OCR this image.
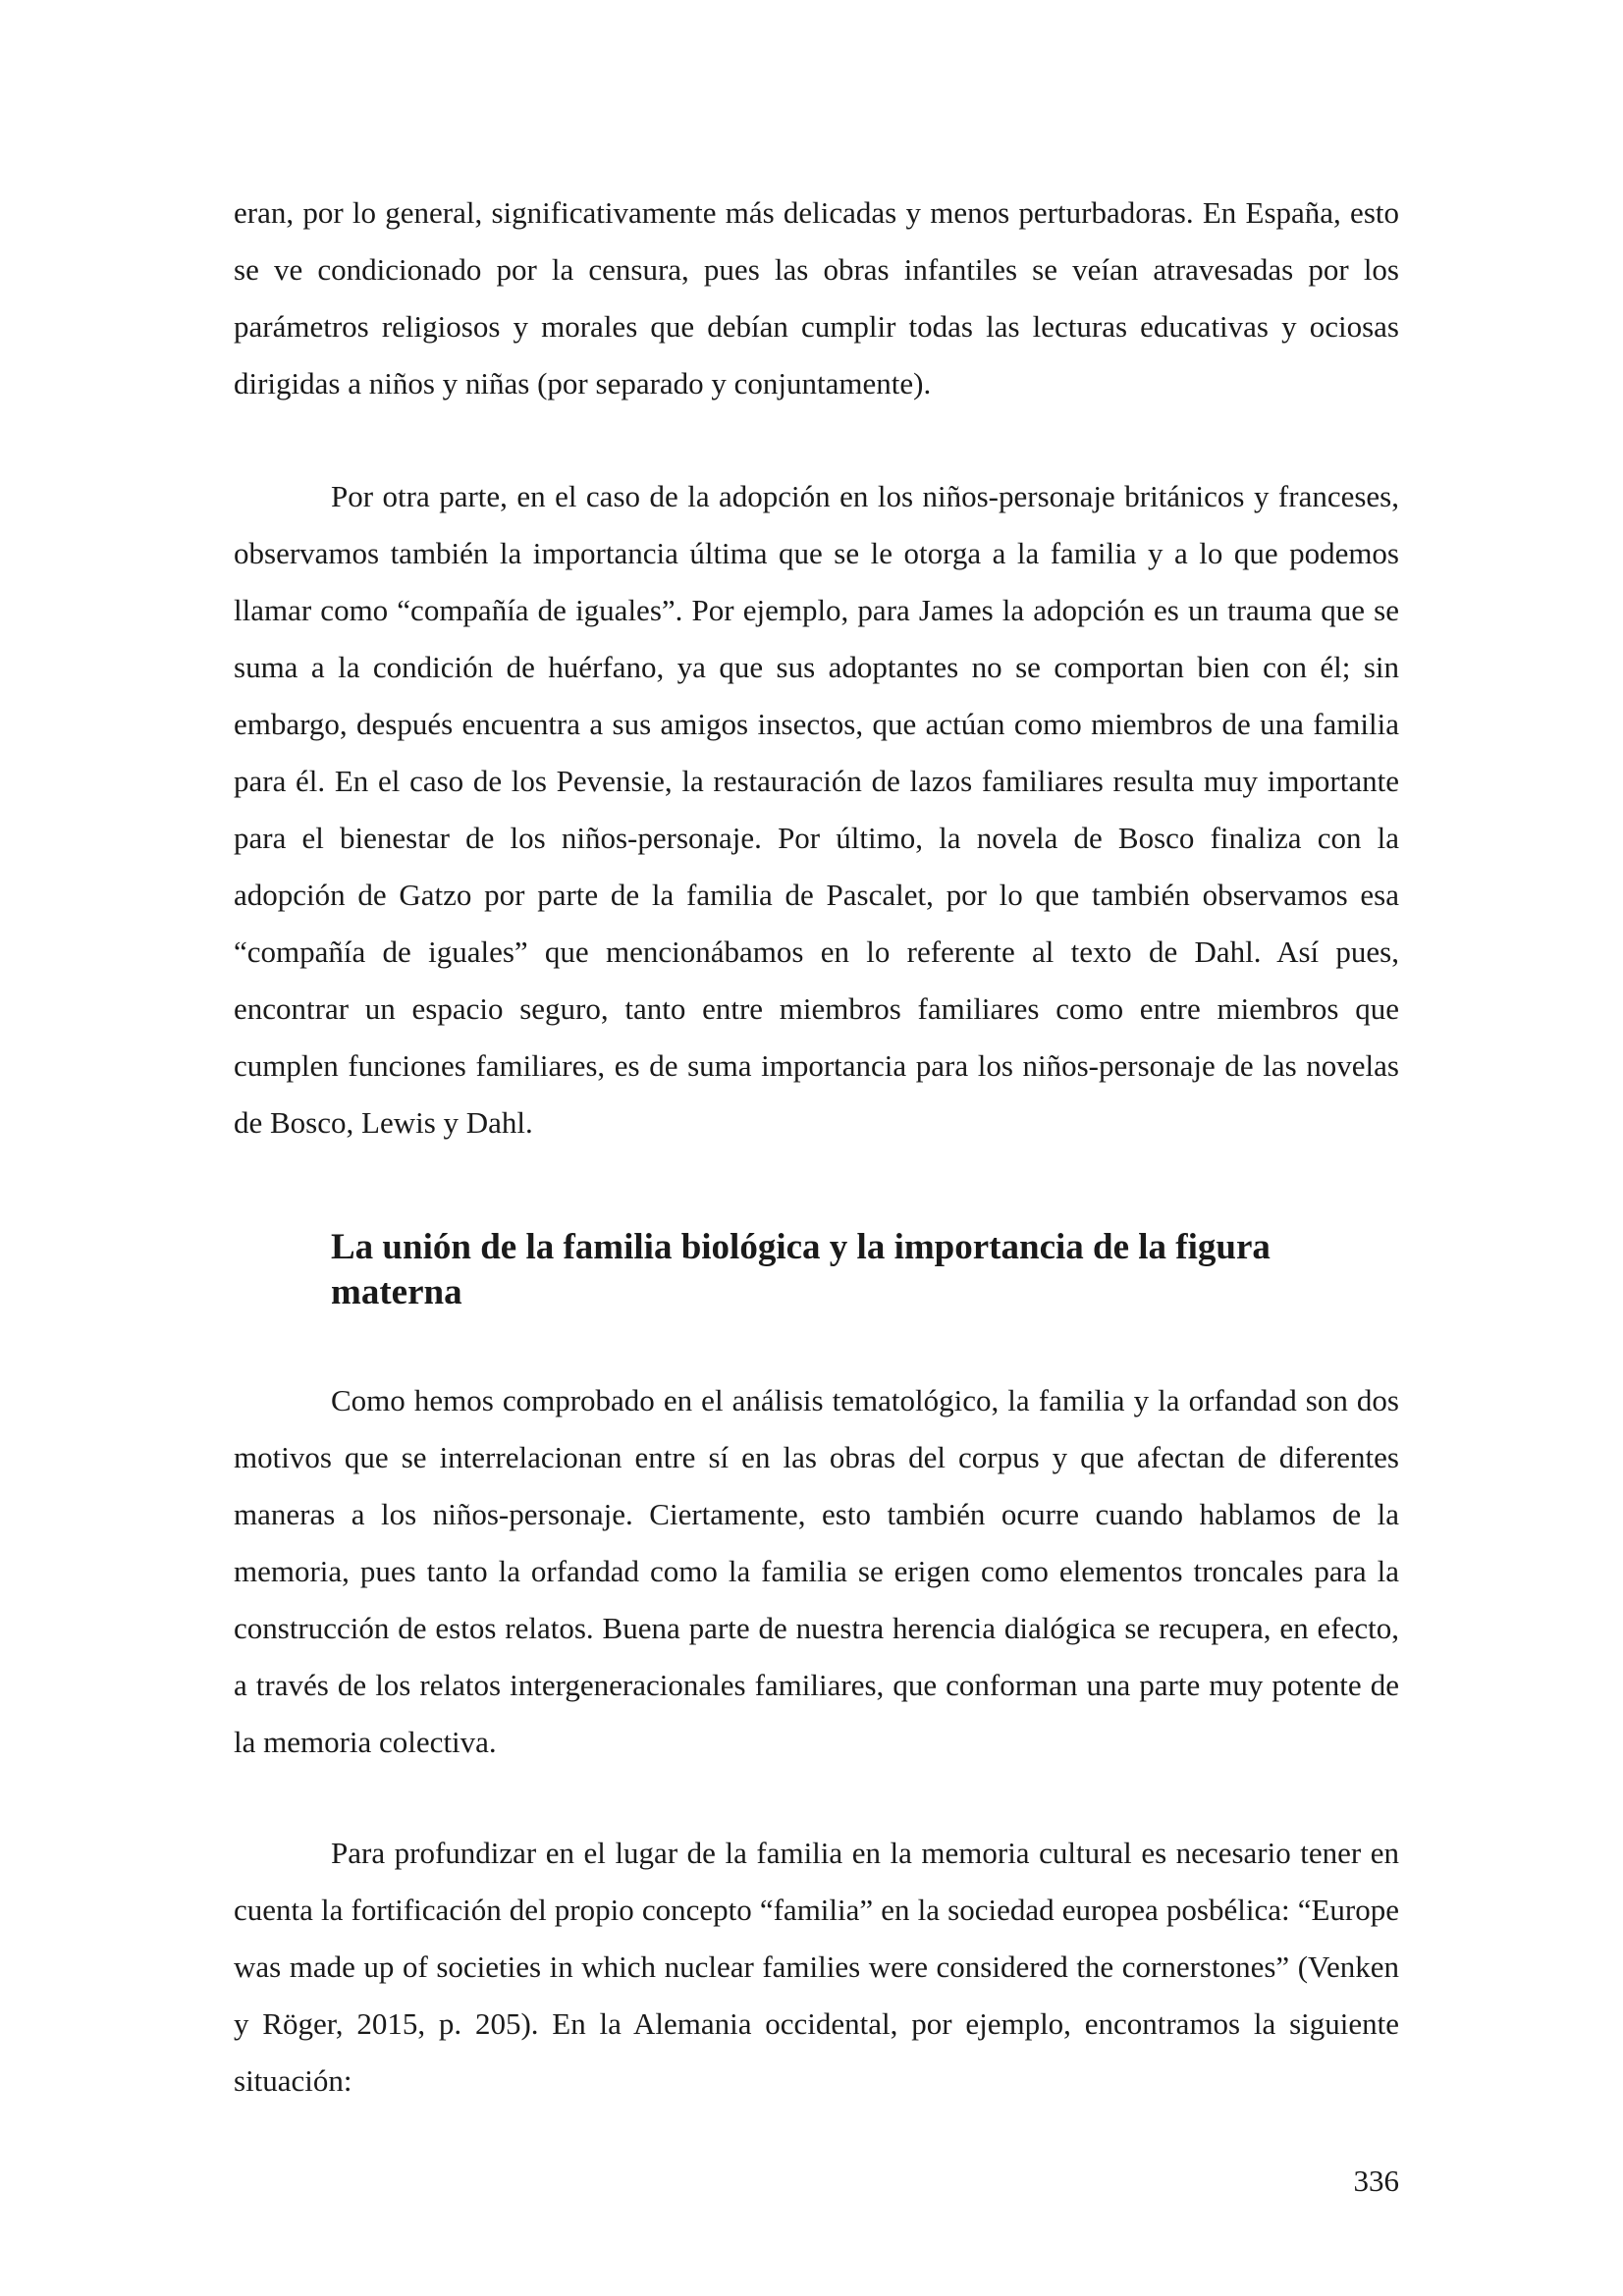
eran, por lo general, significativamente más delicadas y menos perturbadoras. En España, esto se ve condicionado por la censura, pues las obras infantiles se veían atravesadas por los parámetros religiosos y morales que debían cumplir todas las lecturas educativas y ociosas dirigidas a niños y niñas (por separado y conjuntamente).

Por otra parte, en el caso de la adopción en los niños-personaje británicos y franceses, observamos también la importancia última que se le otorga a la familia y a lo que podemos llamar como “compañía de iguales”. Por ejemplo, para James la adopción es un trauma que se suma a la condición de huérfano, ya que sus adoptantes no se comportan bien con él; sin embargo, después encuentra a sus amigos insectos, que actúan como miembros de una familia para él. En el caso de los Pevensie, la restauración de lazos familiares resulta muy importante para el bienestar de los niños-personaje. Por último, la novela de Bosco finaliza con la adopción de Gatzo por parte de la familia de Pascalet, por lo que también observamos esa “compañía de iguales” que mencionábamos en lo referente al texto de Dahl. Así pues, encontrar un espacio seguro, tanto entre miembros familiares como entre miembros que cumplen funciones familiares, es de suma importancia para los niños-personaje de las novelas de Bosco, Lewis y Dahl.

La unión de la familia biológica y la importancia de la figura materna

Como hemos comprobado en el análisis tematológico, la familia y la orfandad son dos motivos que se interrelacionan entre sí en las obras del corpus y que afectan de diferentes maneras a los niños-personaje. Ciertamente, esto también ocurre cuando hablamos de la memoria, pues tanto la orfandad como la familia se erigen como elementos troncales para la construcción de estos relatos. Buena parte de nuestra herencia dialógica se recupera, en efecto, a través de los relatos intergeneracionales familiares, que conforman una parte muy potente de la memoria colectiva.

Para profundizar en el lugar de la familia en la memoria cultural es necesario tener en cuenta la fortificación del propio concepto “familia” en la sociedad europea posbélica: “Europe was made up of societies in which nuclear families were considered the cornerstones” (Venken y Röger, 2015, p. 205). En la Alemania occidental, por ejemplo, encontramos la siguiente situación:

336
